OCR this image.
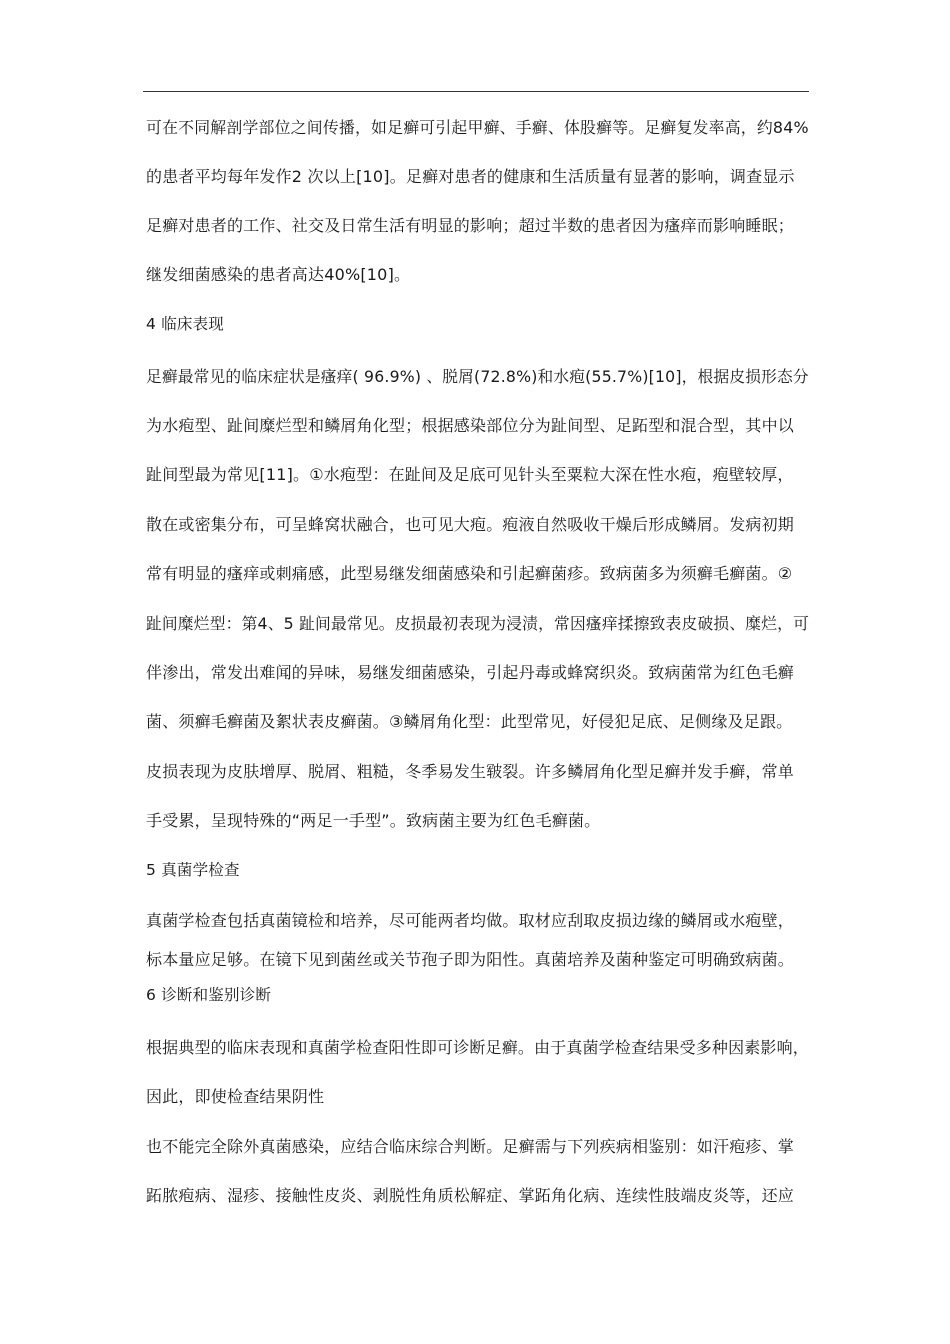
可在不同解剖学部位之间传播，如足癣可引起甲癣、手癣、体股癣等。足癣复发率高，约84%
的患者平均每年发作2 次以上[10]。足癣对患者的健康和生活质量有显著的影响，调查显示
足癣对患者的工作、社交及日常生活有明显的影响；超过半数的患者因为瘙痒而影响睡眠；
继发细菌感染的患者高达40%[10]。
4 临床表现
足癣最常见的临床症状是瘙痒( 96.9%) 、脱屑(72.8%)和水疱(55.7%)[10]，根据皮损形态分
为水疱型、趾间糜烂型和鳞屑角化型；根据感染部位分为趾间型、足跖型和混合型，其中以
趾间型最为常见[11]。①水疱型：在趾间及足底可见针头至粟粒大深在性水疱，疱壁较厚，
散在或密集分布，可呈蜂窝状融合，也可见大疱。疱液自然吸收干燥后形成鳞屑。发病初期
常有明显的瘙痒或刺痛感，此型易继发细菌感染和引起癣菌疹。致病菌多为须癣毛癣菌。②
趾间糜烂型：第4、5 趾间最常见。皮损最初表现为浸渍，常因瘙痒揉擦致表皮破损、糜烂，可
伴渗出，常发出难闻的异味，易继发细菌感染，引起丹毒或蜂窝织炎。致病菌常为红色毛癣
菌、须癣毛癣菌及絮状表皮癣菌。③鳞屑角化型：此型常见，好侵犯足底、足侧缘及足跟。
皮损表现为皮肤增厚、脱屑、粗糙，冬季易发生皲裂。许多鳞屑角化型足癣并发手癣，常单
手受累，呈现特殊的“两足一手型”。致病菌主要为红色毛癣菌。
5 真菌学检查
真菌学检查包括真菌镜检和培养，尽可能两者均做。取材应刮取皮损边缘的鳞屑或水疱壁，
标本量应足够。在镜下见到菌丝或关节孢子即为阳性。真菌培养及菌种鉴定可明确致病菌。
6 诊断和鉴别诊断
根据典型的临床表现和真菌学检查阳性即可诊断足癣。由于真菌学检查结果受多种因素影响，
因此，即使检查结果阴性
也不能完全除外真菌感染，应结合临床综合判断。足癣需与下列疾病相鉴别：如汗疱疹、掌
跖脓疱病、湿疹、接触性皮炎、剥脱性角质松解症、掌跖角化病、连续性肢端皮炎等，还应
